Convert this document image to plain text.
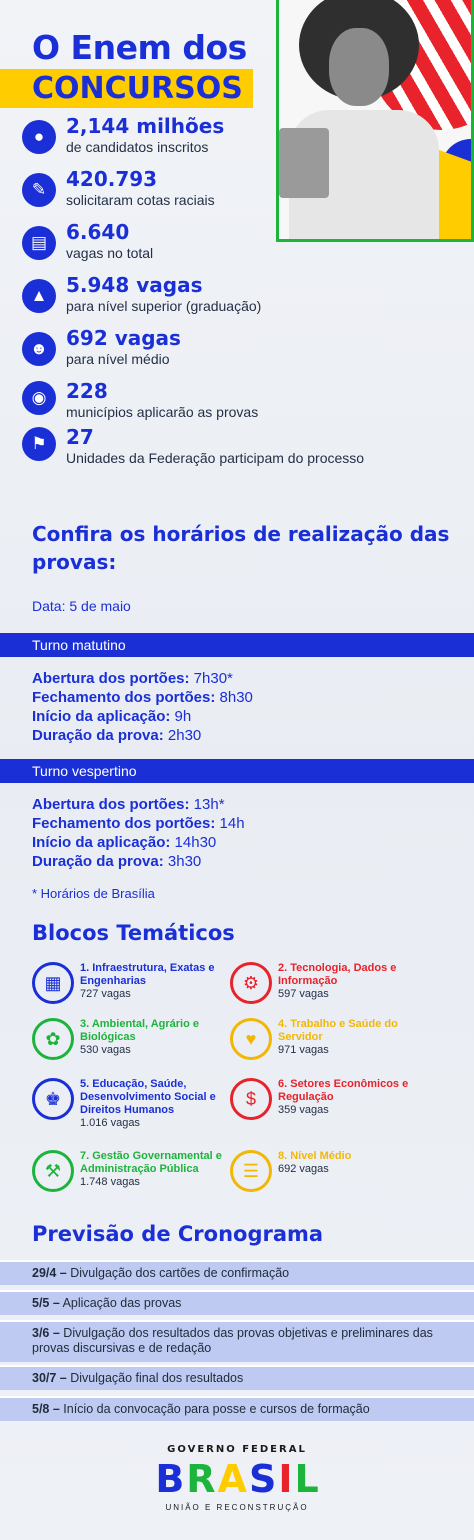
O Enem dos
CONCURSOS
●	2,144 milhões
de candidatos inscritos
✎ 420.793
solicitaram cotas raciais
▤ 6.640
vagas no total
▲ 5.948 vagas
para nível superior (graduação)
☻ 692 vagas
para nível médio
◉ 228
municípios aplicarão as provas
⚑ 27
Unidades da Federação participam do processo
Confira os horários de realização das provas:
Data: 5 de maio
Turno matutino
Abertura dos portões: 7h30*
Fechamento dos portões: 8h30
Início da aplicação: 9h
Duração da prova: 2h30
Turno vespertino
Abertura dos portões: 13h*
Fechamento dos portões: 14h
Início da aplicação: 14h30
Duração da prova: 3h30
* Horários de Brasília
Blocos Temáticos
▦
1. Infraestrutura, Exatas e Engenharias
727 vagas
⚙
2. Tecnologia, Dados e Informação
597 vagas
✿
3. Ambiental, Agrário e Biológicas
530 vagas
♥
4. Trabalho e Saúde do Servidor
971 vagas
♚
5. Educação, Saúde, Desenvolvimento Social e Direitos Humanos
1.016 vagas
$
6. Setores Econômicos e Regulação
359 vagas
⚒
7. Gestão Governamental e Administração Pública
1.748 vagas
☰
8. Nível Médio
692 vagas
Previsão de Cronograma
29/4 – Divulgação dos cartões de confirmação
5/5 – Aplicação das provas
3/6 – Divulgação dos resultados das provas objetivas e preliminares das provas discursivas e de redação
30/7 – Divulgação final dos resultados
5/8 – Início da convocação para posse e cursos de formação
GOVERNO FEDERAL
B R A S I L
UNIÃO E RECONSTRUÇÃO
